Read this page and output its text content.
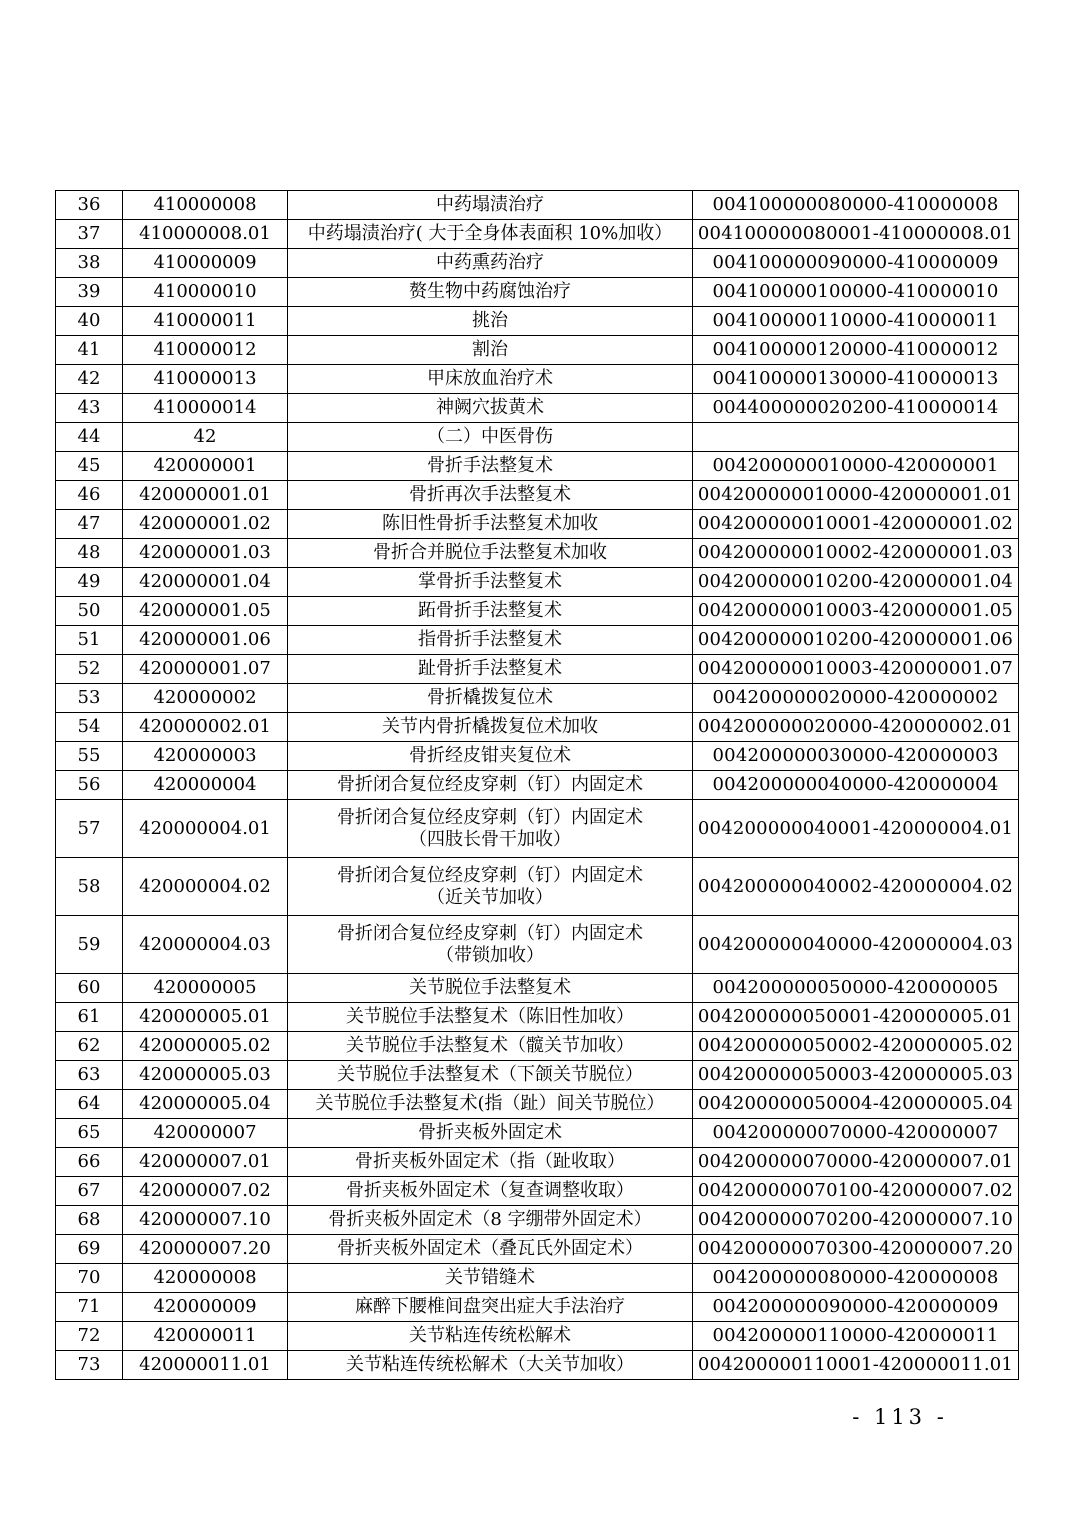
36	410000008	中药塌渍治疗	004100000080000-410000008
37	410000008.01	中药塌渍治疗( 大于全身体表面积 10%加收）	004100000080001-410000008.01
38	410000009	中药熏药治疗	004100000090000-410000009
39	410000010	赘生物中药腐蚀治疗	004100000100000-410000010
40	410000011	挑治	004100000110000-410000011
41	410000012	割治	004100000120000-410000012
42	410000013	甲床放血治疗术	004100000130000-410000013
43	410000014	神阙穴拔黄术	004400000020200-410000014
44	42	（二）中医骨伤	

45	420000001	骨折手法整复术	004200000010000-420000001
46	420000001.01	骨折再次手法整复术	004200000010000-420000001.01
47	420000001.02	陈旧性骨折手法整复术加收	004200000010001-420000001.02
48	420000001.03	骨折合并脱位手法整复术加收	004200000010002-420000001.03
49	420000001.04	掌骨折手法整复术	004200000010200-420000001.04
50	420000001.05	跖骨折手法整复术	004200000010003-420000001.05
51	420000001.06	指骨折手法整复术	004200000010200-420000001.06
52	420000001.07	趾骨折手法整复术	004200000010003-420000001.07
53	420000002	骨折橇拨复位术	004200000020000-420000002
54	420000002.01	关节内骨折橇拨复位术加收	004200000020000-420000002.01
55	420000003	骨折经皮钳夹复位术	004200000030000-420000003
56	420000004	骨折闭合复位经皮穿刺（钉）内固定术	004200000040000-420000004
57	420000004.01	骨折闭合复位经皮穿刺（钉）内固定术
（四肢长骨干加收）	004200000040001-420000004.01
58	420000004.02	骨折闭合复位经皮穿刺（钉）内固定术
（近关节加收）	004200000040002-420000004.02
59	420000004.03	骨折闭合复位经皮穿刺（钉）内固定术
（带锁加收）	004200000040000-420000004.03
60	420000005	关节脱位手法整复术	004200000050000-420000005
61	420000005.01	关节脱位手法整复术（陈旧性加收）	004200000050001-420000005.01
62	420000005.02	关节脱位手法整复术（髋关节加收）	004200000050002-420000005.02
63	420000005.03	关节脱位手法整复术（下颌关节脱位）	004200000050003-420000005.03
64	420000005.04	关节脱位手法整复术(指（趾）间关节脱位）	004200000050004-420000005.04
65	420000007	骨折夹板外固定术	004200000070000-420000007
66	420000007.01	骨折夹板外固定术（指（趾收取）	004200000070000-420000007.01
67	420000007.02	骨折夹板外固定术（复查调整收取）	004200000070100-420000007.02
68	420000007.10	骨折夹板外固定术（8 字绷带外固定术）	004200000070200-420000007.10
69	420000007.20	骨折夹板外固定术（叠瓦氏外固定术）	004200000070300-420000007.20
70	420000008	关节错缝术	004200000080000-420000008
71	420000009	麻醉下腰椎间盘突出症大手法治疗	004200000090000-420000009
72	420000011	关节粘连传统松解术	004200000110000-420000011
73	420000011.01	关节粘连传统松解术（大关节加收）	004200000110001-420000011.01
- 113 -
